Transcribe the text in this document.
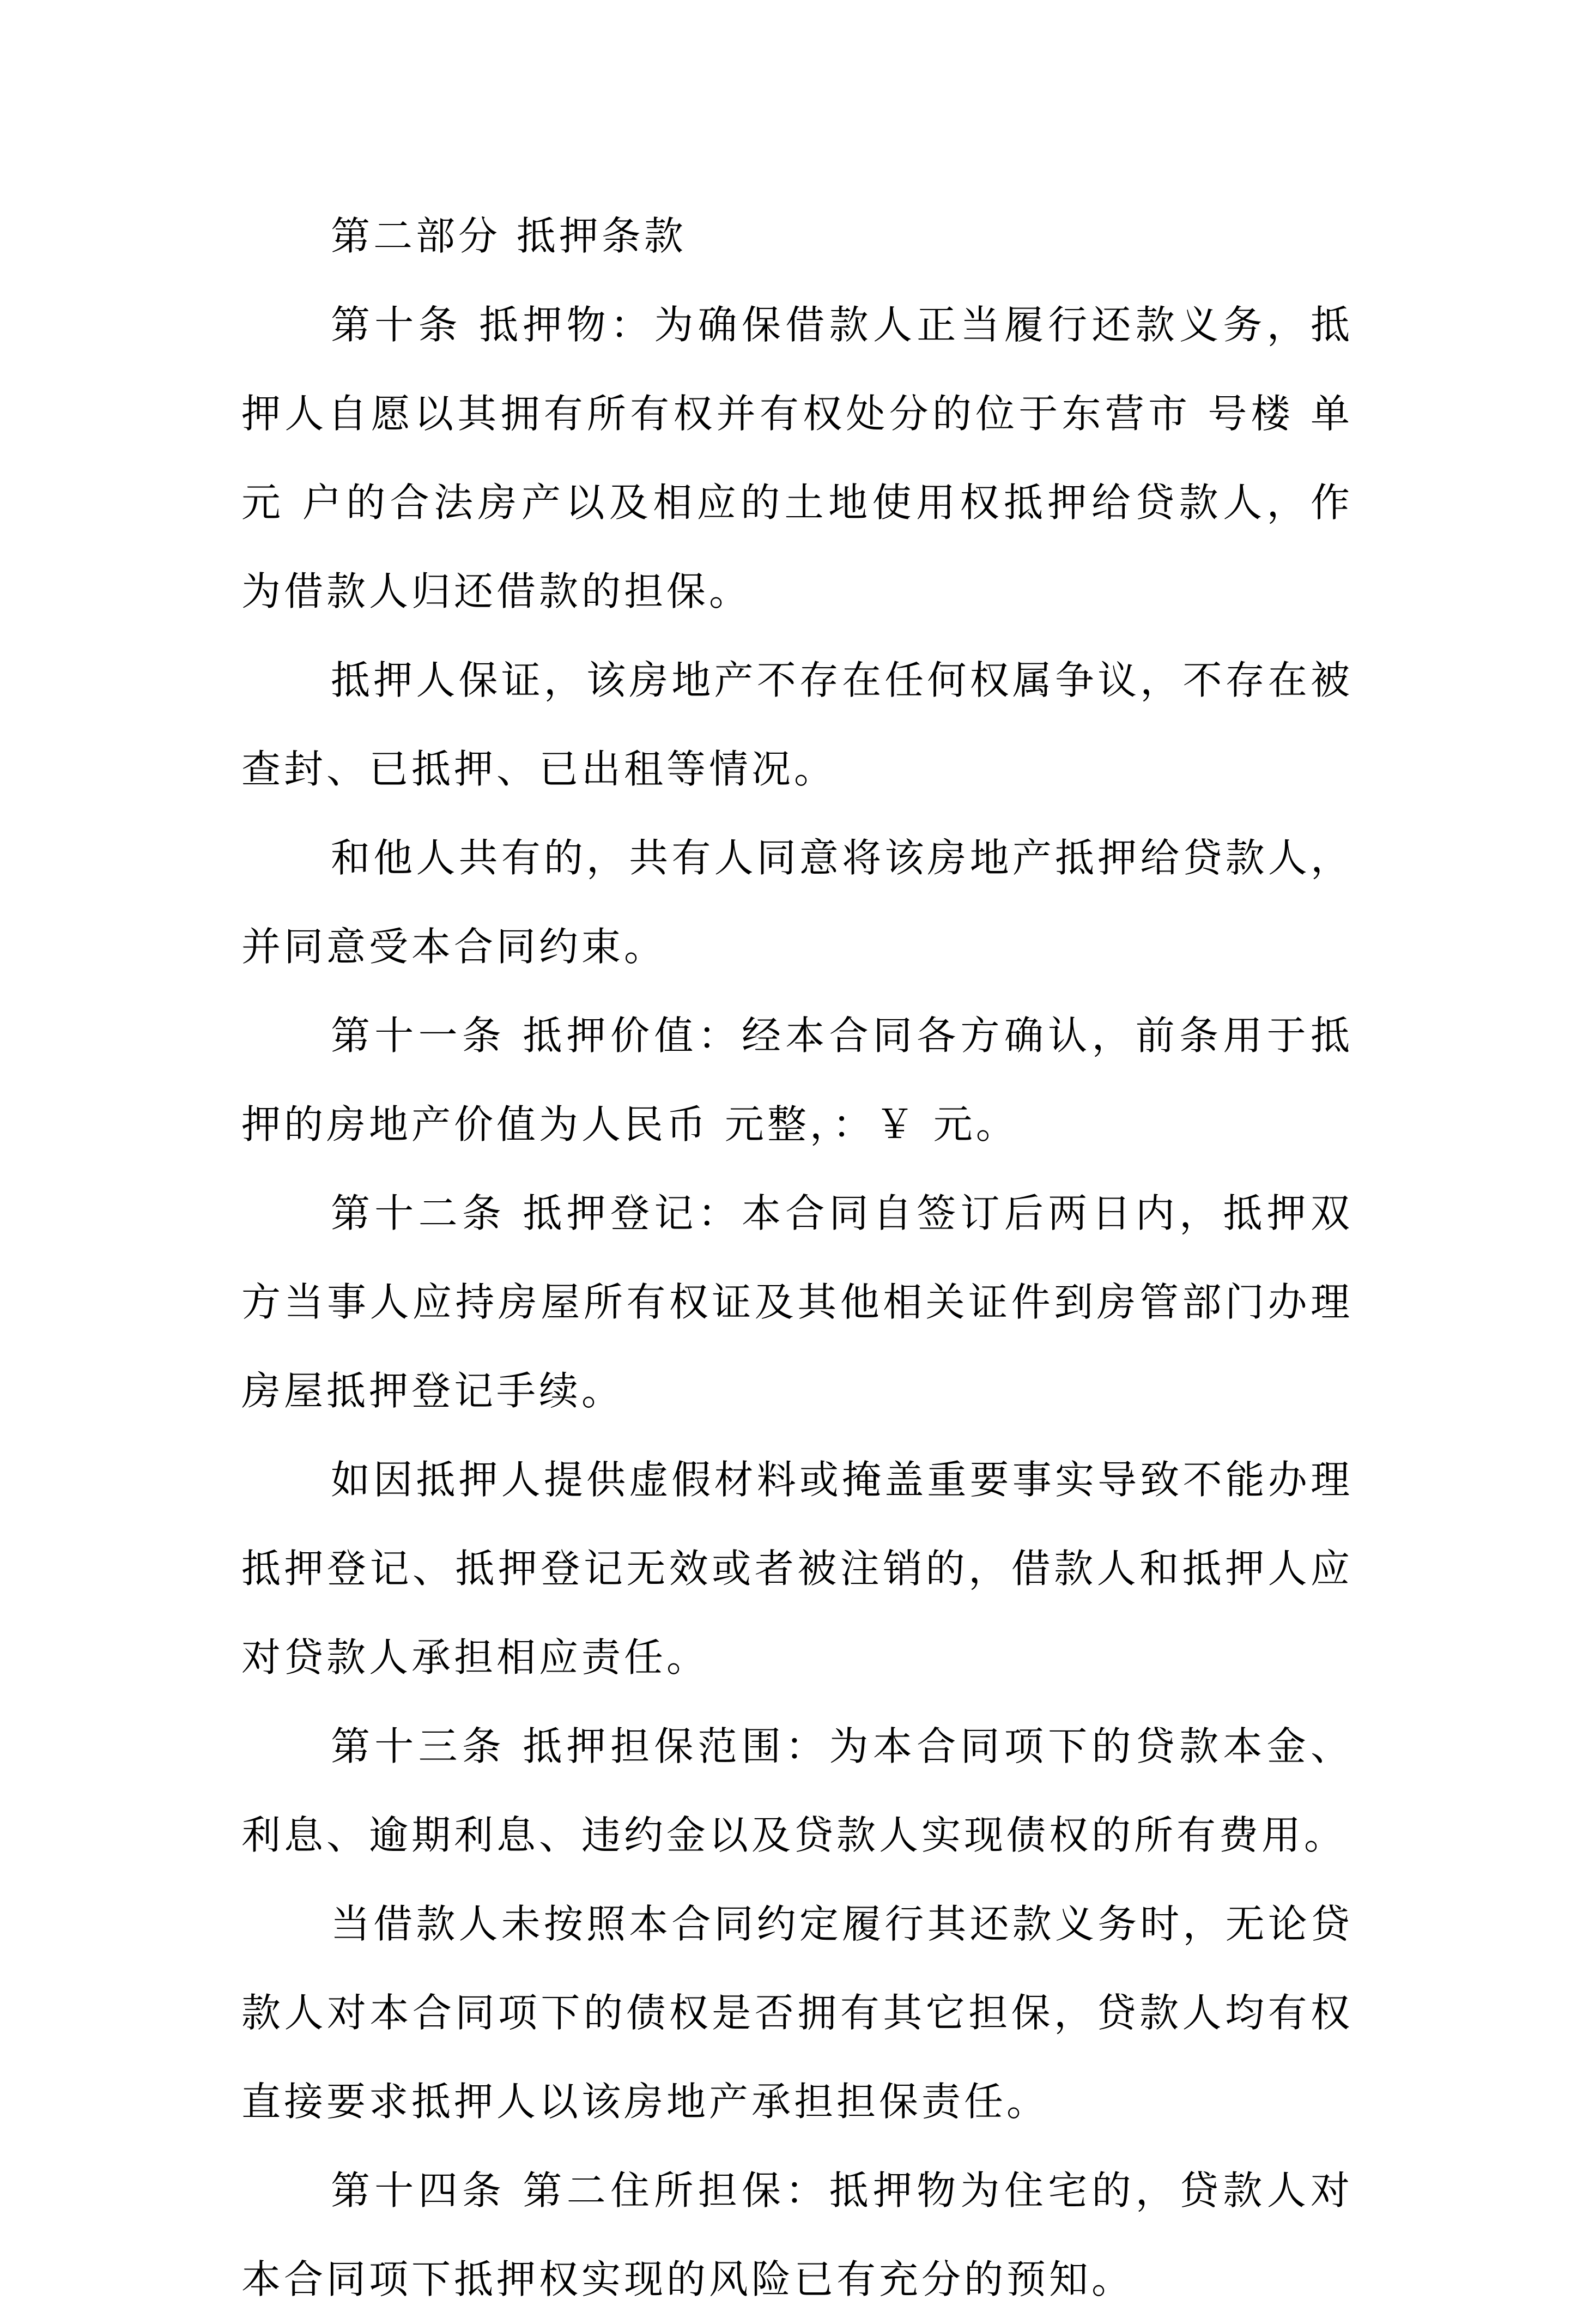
第二部分 抵押条款

第十条 抵押物：为确保借款人正当履行还款义务，抵押人自愿以其拥有所有权并有权处分的位于东营市 号楼 单元 户的合法房产以及相应的土地使用权抵押给贷款人，作为借款人归还借款的担保。

抵押人保证，该房地产不存在任何权属争议，不存在被查封、已抵押、已出租等情况。

和他人共有的，共有人同意将该房地产抵押给贷款人，并同意受本合同约束。

第十一条 抵押价值：经本合同各方确认，前条用于抵押的房地产价值为人民币 元整，：￥ 元。

第十二条 抵押登记：本合同自签订后两日内，抵押双方当事人应持房屋所有权证及其他相关证件到房管部门办理房屋抵押登记手续。

如因抵押人提供虚假材料或掩盖重要事实导致不能办理抵押登记、抵押登记无效或者被注销的，借款人和抵押人应对贷款人承担相应责任。

第十三条 抵押担保范围：为本合同项下的贷款本金、利息、逾期利息、违约金以及贷款人实现债权的所有费用。

当借款人未按照本合同约定履行其还款义务时，无论贷款人对本合同项下的债权是否拥有其它担保，贷款人均有权直接要求抵押人以该房地产承担担保责任。

第十四条 第二住所担保：抵押物为住宅的，贷款人对本合同项下抵押权实现的风险已有充分的预知。
